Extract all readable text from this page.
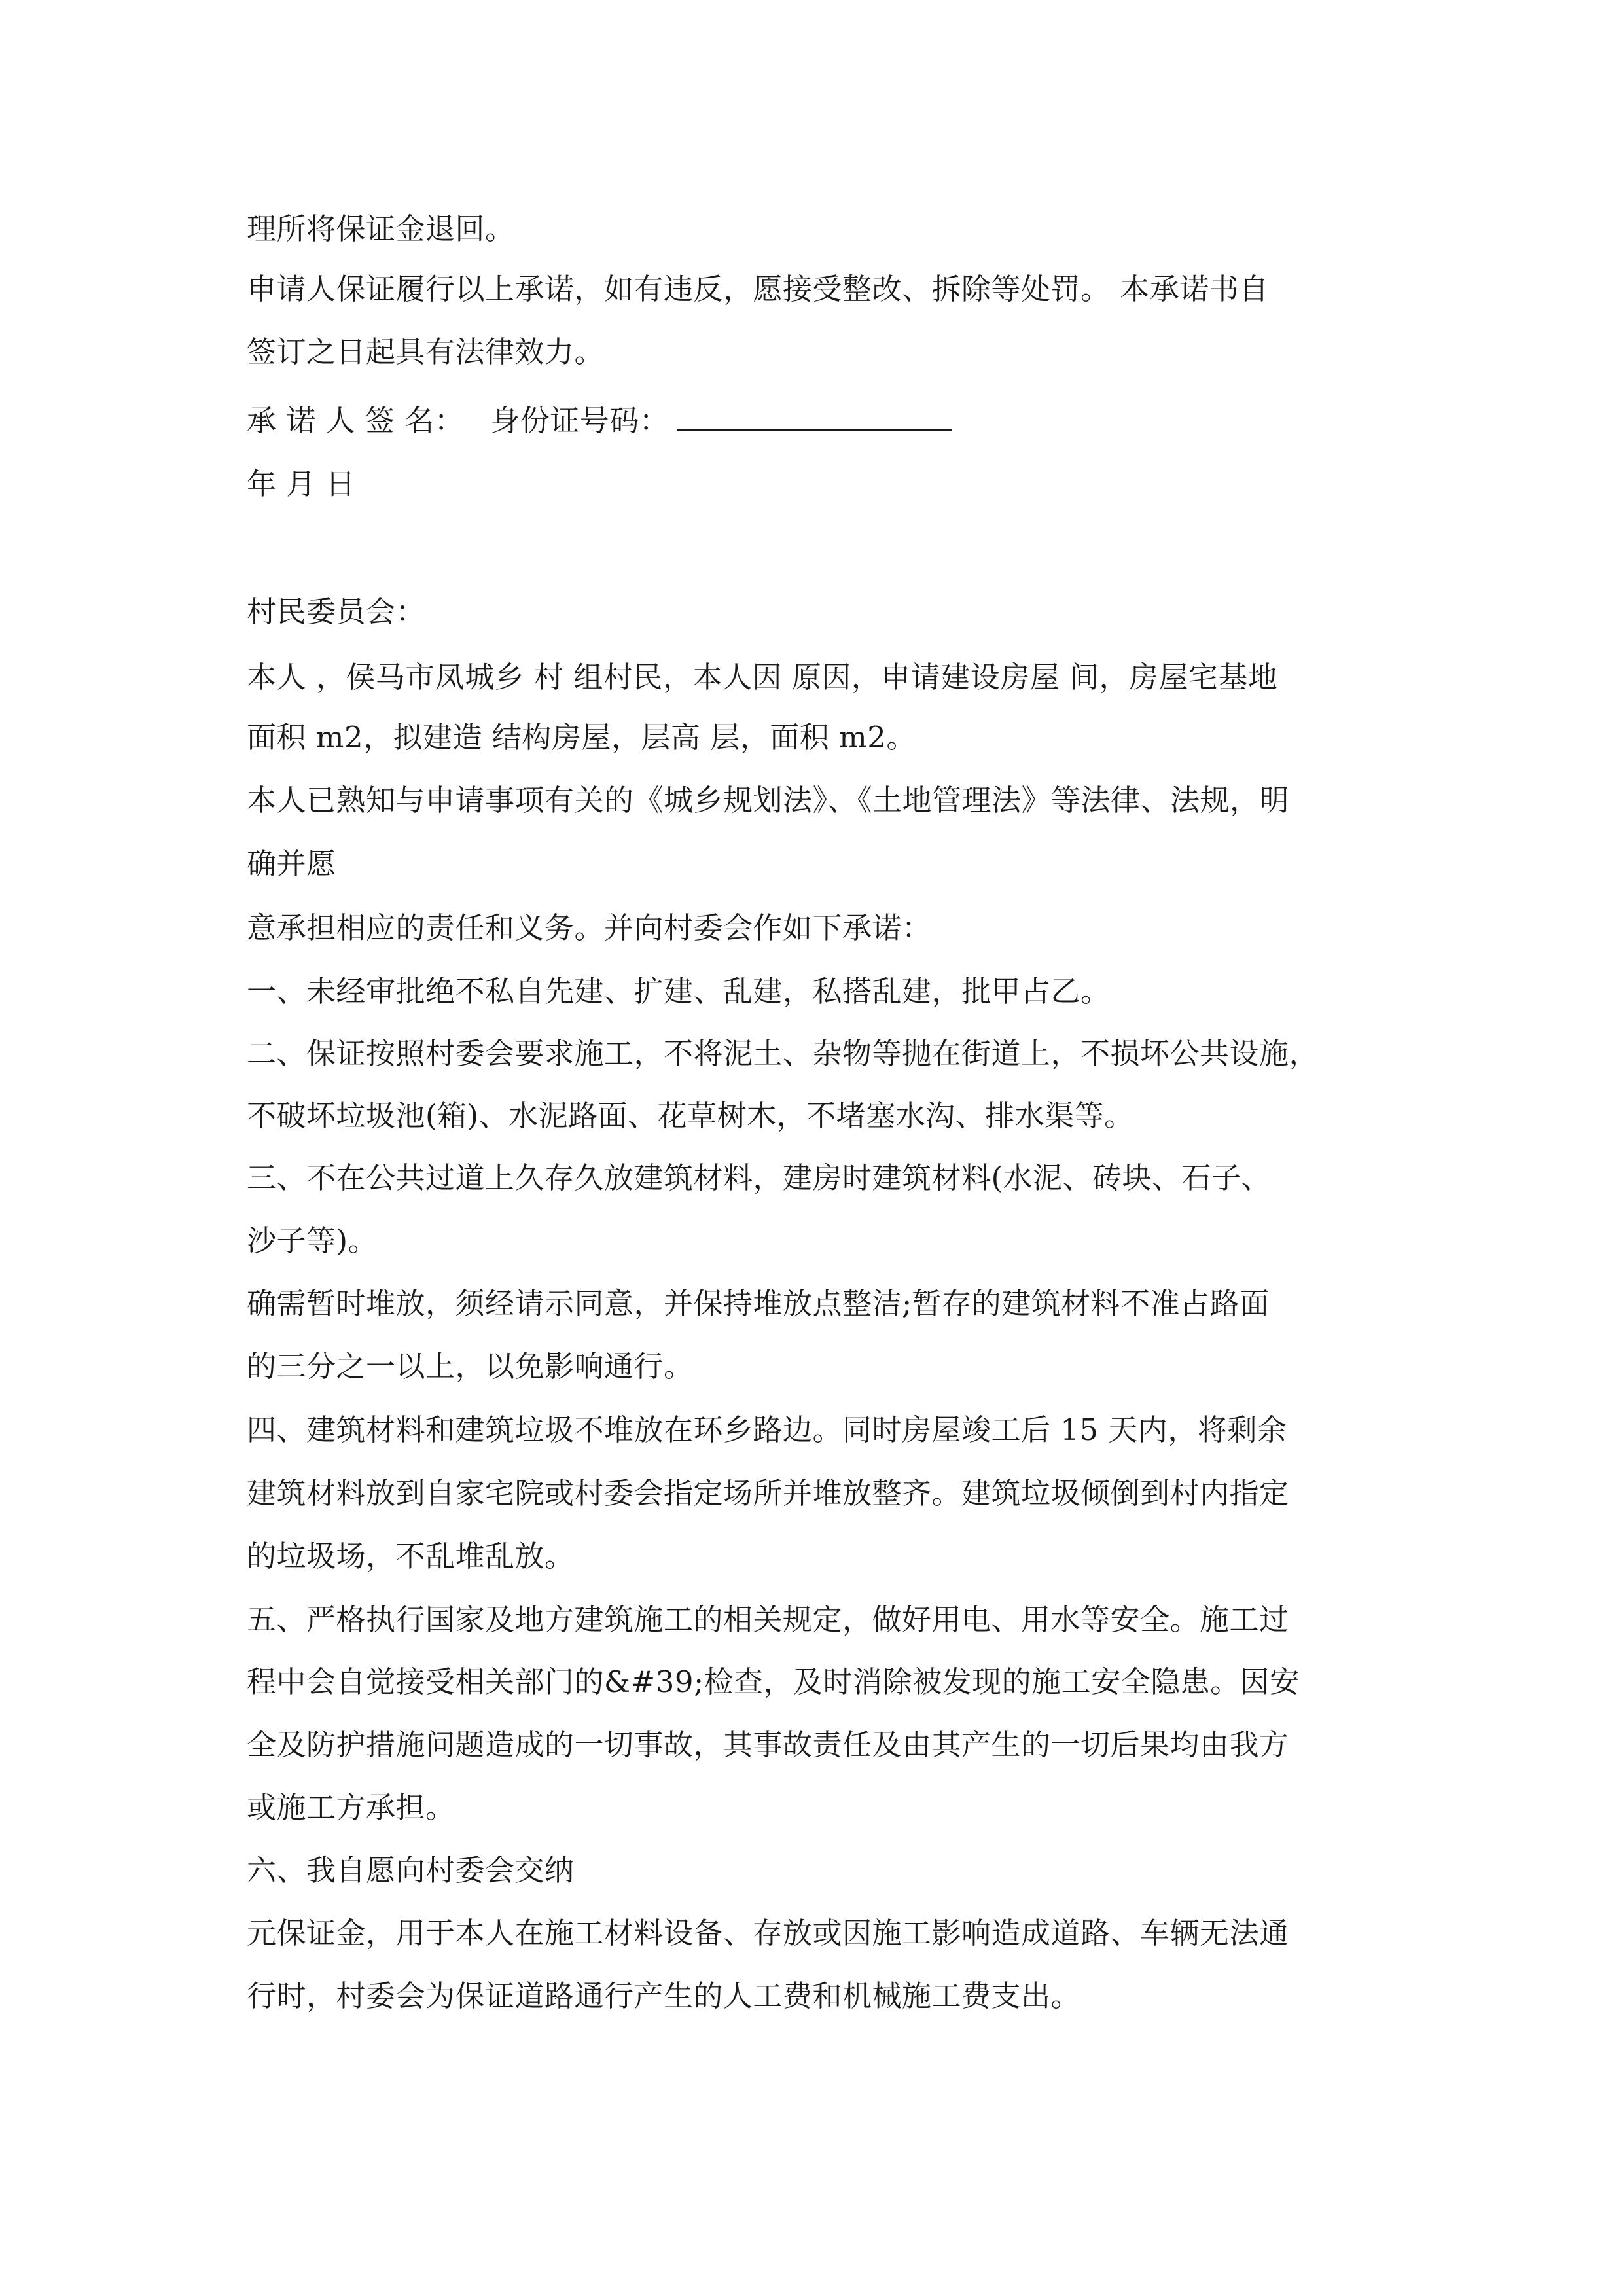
理所将保证金退回。
申请人保证履行以上承诺，如有违反，愿接受整改、拆除等处罚。 本承诺书自
签订之日起具有法律效力。
承 诺 人 签 名： 身份证号码：
年 月 日
村民委员会：
本人 ，侯马市凤城乡 村 组村民，本人因 原因，申请建设房屋 间，房屋宅基地
面积 m2，拟建造 结构房屋，层高 层，面积 m2。
本人已熟知与申请事项有关的《城乡规划法》、《土地管理法》等法律、法规，明
确并愿
意承担相应的责任和义务。并向村委会作如下承诺：
一、未经审批绝不私自先建、扩建、乱建，私搭乱建，批甲占乙。
二、保证按照村委会要求施工，不将泥土、杂物等抛在街道上，不损坏公共设施，
不破坏垃圾池(箱)、水泥路面、花草树木，不堵塞水沟、排水渠等。
三、不在公共过道上久存久放建筑材料，建房时建筑材料(水泥、砖块、石子、
沙子等)。
确需暂时堆放，须经请示同意，并保持堆放点整洁;暂存的建筑材料不准占路面
的三分之一以上，以免影响通行。
四、建筑材料和建筑垃圾不堆放在环乡路边。同时房屋竣工后 15 天内，将剩余
建筑材料放到自家宅院或村委会指定场所并堆放整齐。建筑垃圾倾倒到村内指定
的垃圾场，不乱堆乱放。
五、严格执行国家及地方建筑施工的相关规定，做好用电、用水等安全。施工过
程中会自觉接受相关部门的&#39;检查，及时消除被发现的施工安全隐患。因安
全及防护措施问题造成的一切事故，其事故责任及由其产生的一切后果均由我方
或施工方承担。
六、我自愿向村委会交纳
元保证金，用于本人在施工材料设备、存放或因施工影响造成道路、车辆无法通
行时，村委会为保证道路通行产生的人工费和机械施工费支出。
